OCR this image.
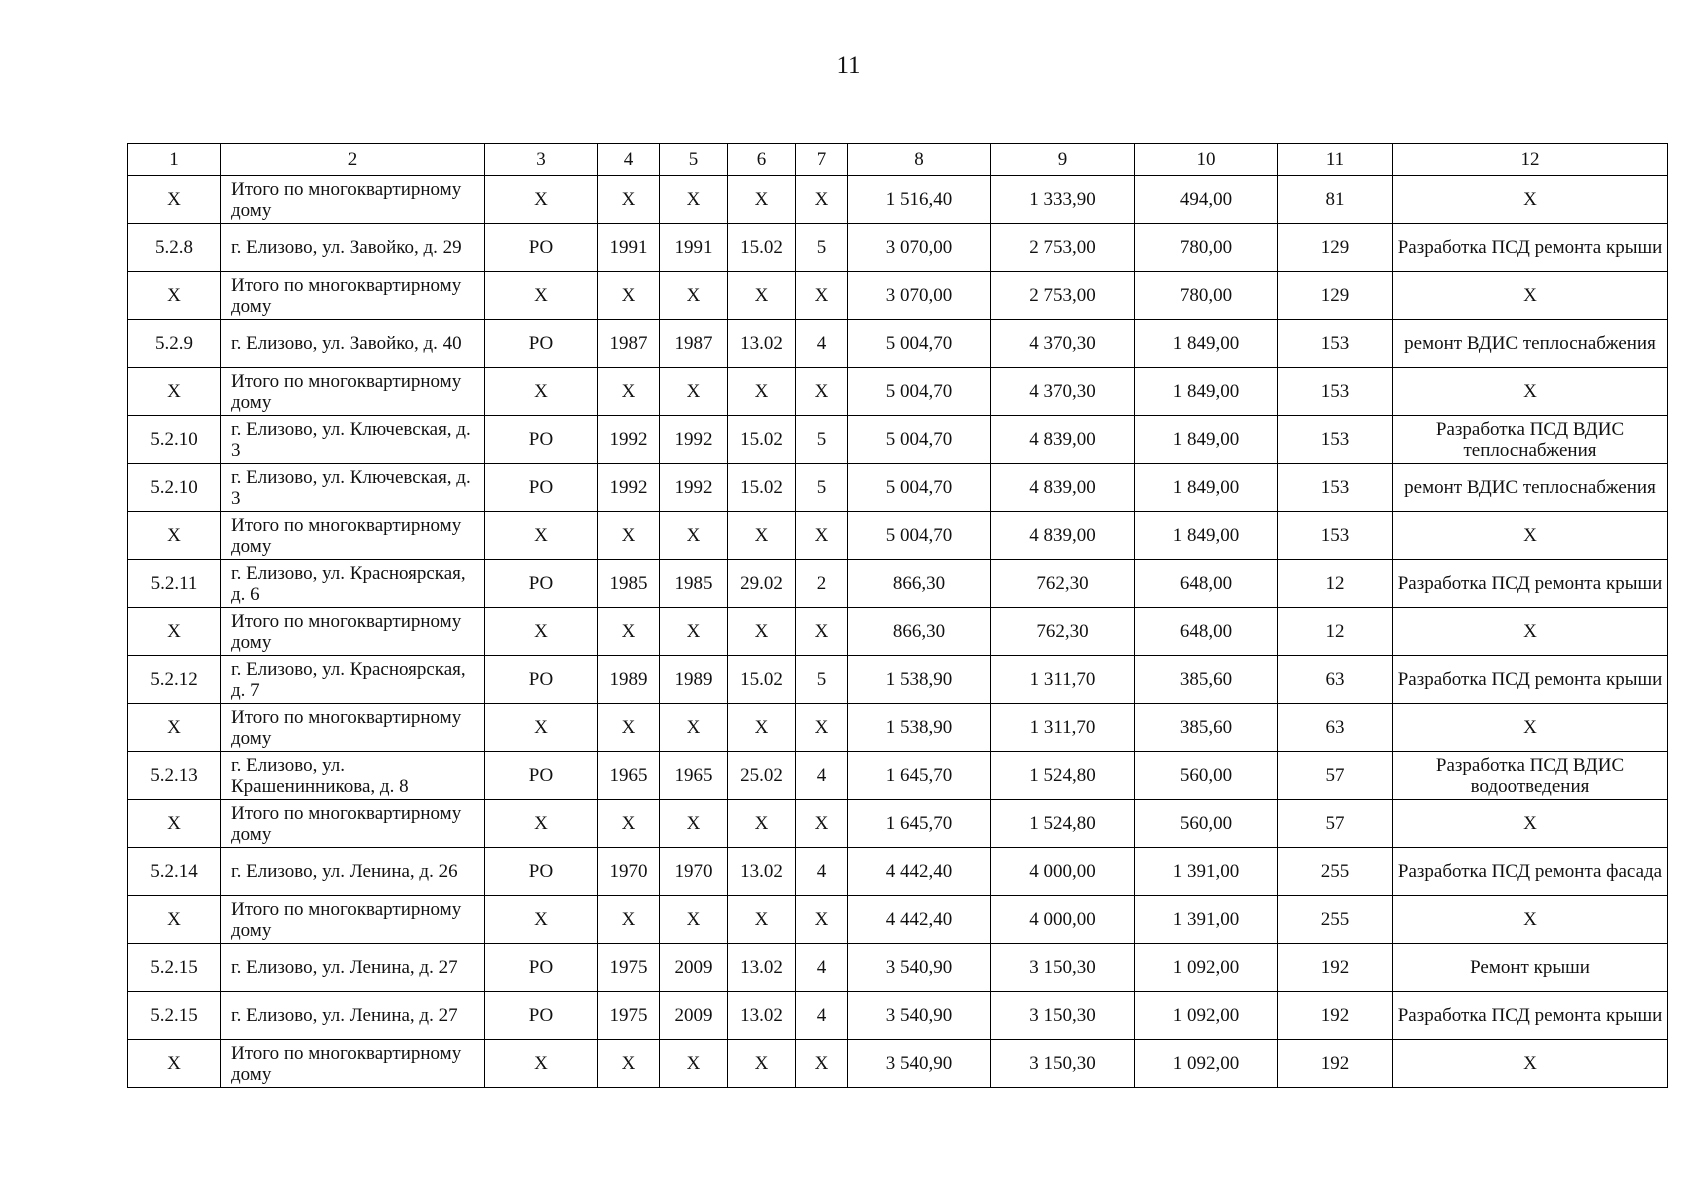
11
1	2	3	4	5	6	7	8	9	10	11	12
X	Итого по многоквартирному дому	X	X	X	X	X	1 516,40	1 333,90	494,00	81	X
5.2.8	г. Елизово, ул. Завойко, д. 29	РО	1991	1991	15.02	5	3 070,00	2 753,00	780,00	129	Разработка ПСД ремонта крыши
X	Итого по многоквартирному дому	X	X	X	X	X	3 070,00	2 753,00	780,00	129	X
5.2.9	г. Елизово, ул. Завойко, д. 40	РО	1987	1987	13.02	4	5 004,70	4 370,30	1 849,00	153	ремонт ВДИС теплоснабжения
X	Итого по многоквартирному дому	X	X	X	X	X	5 004,70	4 370,30	1 849,00	153	X
5.2.10	г. Елизово, ул. Ключевская, д. 3	РО	1992	1992	15.02	5	5 004,70	4 839,00	1 849,00	153	Разработка ПСД ВДИС теплоснабжения
5.2.10	г. Елизово, ул. Ключевская, д. 3	РО	1992	1992	15.02	5	5 004,70	4 839,00	1 849,00	153	ремонт ВДИС теплоснабжения
X	Итого по многоквартирному дому	X	X	X	X	X	5 004,70	4 839,00	1 849,00	153	X
5.2.11	г. Елизово, ул. Красноярская, д. 6	РО	1985	1985	29.02	2	866,30	762,30	648,00	12	Разработка ПСД ремонта крыши
X	Итого по многоквартирному дому	X	X	X	X	X	866,30	762,30	648,00	12	X
5.2.12	г. Елизово, ул. Красноярская, д. 7	РО	1989	1989	15.02	5	1 538,90	1 311,70	385,60	63	Разработка ПСД ремонта крыши
X	Итого по многоквартирному дому	X	X	X	X	X	1 538,90	1 311,70	385,60	63	X
5.2.13	г. Елизово, ул. Крашенинникова, д. 8	РО	1965	1965	25.02	4	1 645,70	1 524,80	560,00	57	Разработка ПСД ВДИС водоотведения
X	Итого по многоквартирному дому	X	X	X	X	X	1 645,70	1 524,80	560,00	57	X
5.2.14	г. Елизово, ул. Ленина, д. 26	РО	1970	1970	13.02	4	4 442,40	4 000,00	1 391,00	255	Разработка ПСД ремонта фасада
X	Итого по многоквартирному дому	X	X	X	X	X	4 442,40	4 000,00	1 391,00	255	X
5.2.15	г. Елизово, ул. Ленина, д. 27	РО	1975	2009	13.02	4	3 540,90	3 150,30	1 092,00	192	Ремонт крыши
5.2.15	г. Елизово, ул. Ленина, д. 27	РО	1975	2009	13.02	4	3 540,90	3 150,30	1 092,00	192	Разработка ПСД ремонта крыши
X	Итого по многоквартирному дому	X	X	X	X	X	3 540,90	3 150,30	1 092,00	192	X
